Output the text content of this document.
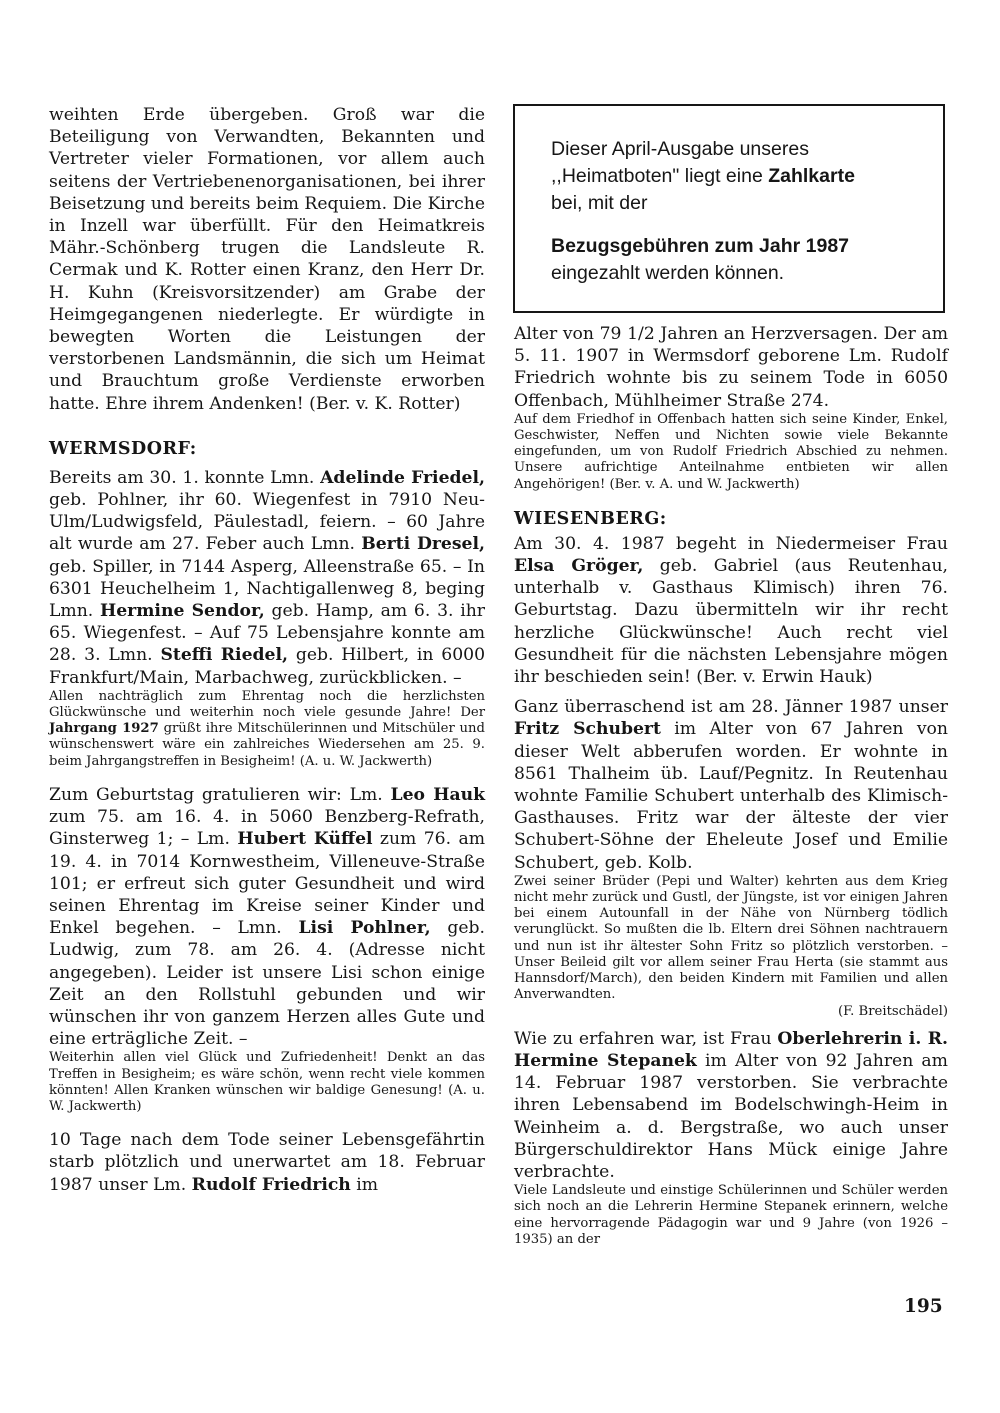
weihten Erde übergeben. Groß war die Beteiligung von Verwandten, Bekannten und Vertreter vieler Formationen, vor allem auch seitens der Vertriebenenorganisationen, bei ihrer Beisetzung und bereits beim Requiem. Die Kirche in Inzell war überfüllt. Für den Heimatkreis Mähr.-Schönberg trugen die Landsleute R. Cermak und K. Rotter einen Kranz, den Herr Dr. H. Kuhn (Kreisvorsitzender) am Grabe der Heimgegangenen niederlegte. Er würdigte in bewegten Worten die Leistungen der verstorbenen Landsmännin, die sich um Heimat und Brauchtum große Verdienste erworben hatte. Ehre ihrem Andenken! (Ber. v. K. Rotter)

WERMSDORF:

Bereits am 30. 1. konnte Lmn. Adelinde Friedel, geb. Pohlner, ihr 60. Wiegenfest in 7910 Neu-Ulm/Ludwigsfeld, Päulestadl, feiern. – 60 Jahre alt wurde am 27. Feber auch Lmn. Berti Dresel, geb. Spiller, in 7144 Asperg, Alleenstraße 65. – In 6301 Heuchelheim 1, Nachtigallenweg 8, beging Lmn. Hermine Sendor, geb. Hamp, am 6. 3. ihr 65. Wiegenfest. – Auf 75 Lebensjahre konnte am 28. 3. Lmn. Steffi Riedel, geb. Hilbert, in 6000 Frankfurt/Main, Marbachweg, zurückblicken. –

Allen nachträglich zum Ehrentag noch die herzlichsten Glückwünsche und weiterhin noch viele gesunde Jahre! Der Jahrgang 1927 grüßt ihre Mitschülerinnen und Mitschüler und wünschenswert wäre ein zahlreiches Wiedersehen am 25. 9. beim Jahrgangstreffen in Besigheim! (A. u. W. Jackwerth)

Zum Geburtstag gratulieren wir: Lm. Leo Hauk zum 75. am 16. 4. in 5060 Benzberg-Refrath, Ginsterweg 1; – Lm. Hubert Küffel zum 76. am 19. 4. in 7014 Kornwestheim, Villeneuve-Straße 101; er erfreut sich guter Gesundheit und wird seinen Ehrentag im Kreise seiner Kinder und Enkel begehen. – Lmn. Lisi Pohlner, geb. Ludwig, zum 78. am 26. 4. (Adresse nicht angegeben). Leider ist unsere Lisi schon einige Zeit an den Rollstuhl gebunden und wir wünschen ihr von ganzem Herzen alles Gute und eine erträgliche Zeit. –

Weiterhin allen viel Glück und Zufriedenheit! Denkt an das Treffen in Besigheim; es wäre schön, wenn recht viele kommen könnten! Allen Kranken wünschen wir baldige Genesung! (A. u. W. Jackwerth)

10 Tage nach dem Tode seiner Lebensgefährtin starb plötzlich und unerwartet am 18. Februar 1987 unser Lm. Rudolf Friedrich im

Dieser April-Ausgabe unseres

,,Heimatboten" liegt eine Zahlkarte

bei, mit der

Bezugsgebühren zum Jahr 1987

eingezahlt werden können.

Alter von 79 1/2 Jahren an Herzversagen. Der am 5. 11. 1907 in Wermsdorf geborene Lm. Rudolf Friedrich wohnte bis zu seinem Tode in 6050 Offenbach, Mühlheimer Straße 274.

Auf dem Friedhof in Offenbach hatten sich seine Kinder, Enkel, Geschwister, Neffen und Nichten sowie viele Bekannte eingefunden, um von Rudolf Friedrich Abschied zu nehmen. Unsere aufrichtige Anteilnahme entbieten wir allen Angehörigen! (Ber. v. A. und W. Jackwerth)

WIESENBERG:

Am 30. 4. 1987 begeht in Niedermeiser Frau Elsa Gröger, geb. Gabriel (aus Reutenhau, unterhalb v. Gasthaus Klimisch) ihren 76. Geburtstag. Dazu übermitteln wir ihr recht herzliche Glückwünsche! Auch recht viel Gesundheit für die nächsten Lebensjahre mögen ihr beschieden sein! (Ber. v. Erwin Hauk)

Ganz überraschend ist am 28. Jänner 1987 unser Fritz Schubert im Alter von 67 Jahren von dieser Welt abberufen worden. Er wohnte in 8561 Thalheim üb. Lauf/Pegnitz. In Reutenhau wohnte Familie Schubert unterhalb des Klimisch-Gasthauses. Fritz war der älteste der vier Schubert-Söhne der Eheleute Josef und Emilie Schubert, geb. Kolb.

Zwei seiner Brüder (Pepi und Walter) kehrten aus dem Krieg nicht mehr zurück und Gustl, der Jüngste, ist vor einigen Jahren bei einem Autounfall in der Nähe von Nürnberg tödlich verunglückt. So mußten die lb. Eltern drei Söhnen nachtrauern und nun ist ihr ältester Sohn Fritz so plötzlich verstorben. – Unser Beileid gilt vor allem seiner Frau Herta (sie stammt aus Hannsdorf/March), den beiden Kindern mit Familien und allen Anverwandten.

(F. Breitschädel)

Wie zu erfahren war, ist Frau Oberlehrerin i. R. Hermine Stepanek im Alter von 92 Jahren am 14. Februar 1987 verstorben. Sie verbrachte ihren Lebensabend im Bodelschwingh-Heim in Weinheim a. d. Bergstraße, wo auch unser Bürgerschuldirektor Hans Mück einige Jahre verbrachte.

Viele Landsleute und einstige Schülerinnen und Schüler werden sich noch an die Lehrerin Hermine Stepanek erinnern, welche eine hervorragende Pädagogin war und 9 Jahre (von 1926 – 1935) an der

195
